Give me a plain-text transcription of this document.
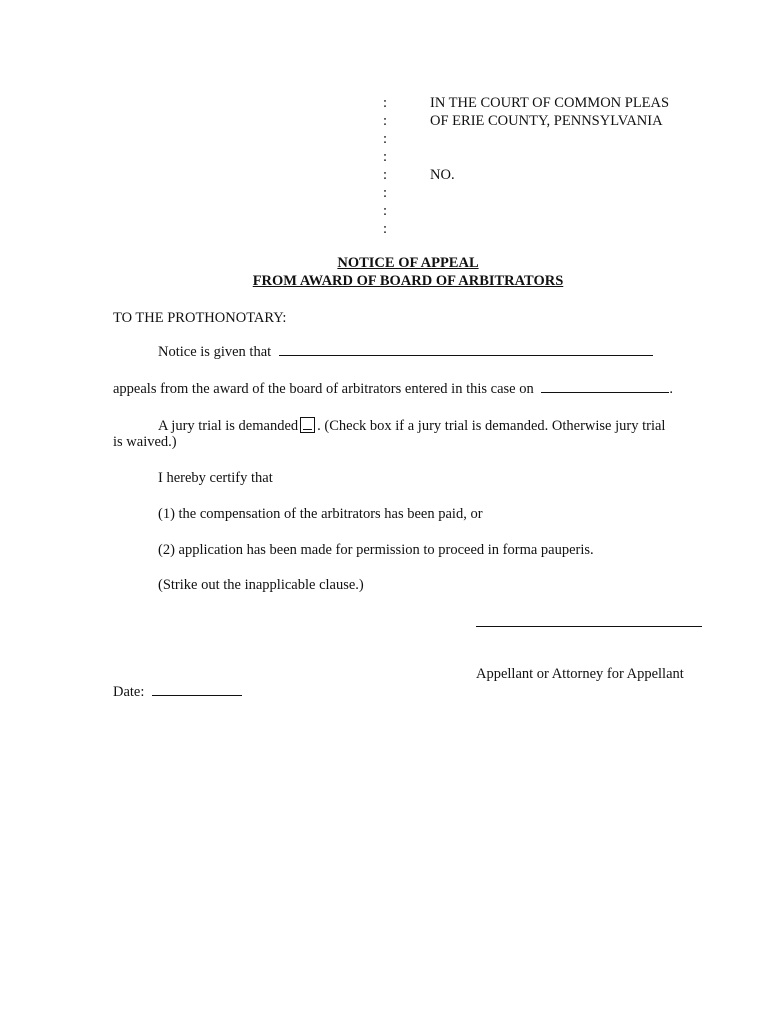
:
:
:
:
:
:
:
:
IN THE COURT OF COMMON PLEAS
OF ERIE COUNTY, PENNSYLVANIA
NO.
NOTICE OF APPEAL
FROM AWARD OF BOARD OF ARBITRATORS
TO THE PROTHONOTARY:
Notice is given that
appeals from the award of the board of arbitrators entered in this case on	.
A jury trial is demanded . (Check box if a jury trial is demanded. Otherwise jury trial
is waived.)
I hereby certify that
(1) the compensation of the arbitrators has been paid, or
(2) application has been made for permission to proceed in forma pauperis.
(Strike out the inapplicable clause.)
Appellant or Attorney for Appellant
Date:
